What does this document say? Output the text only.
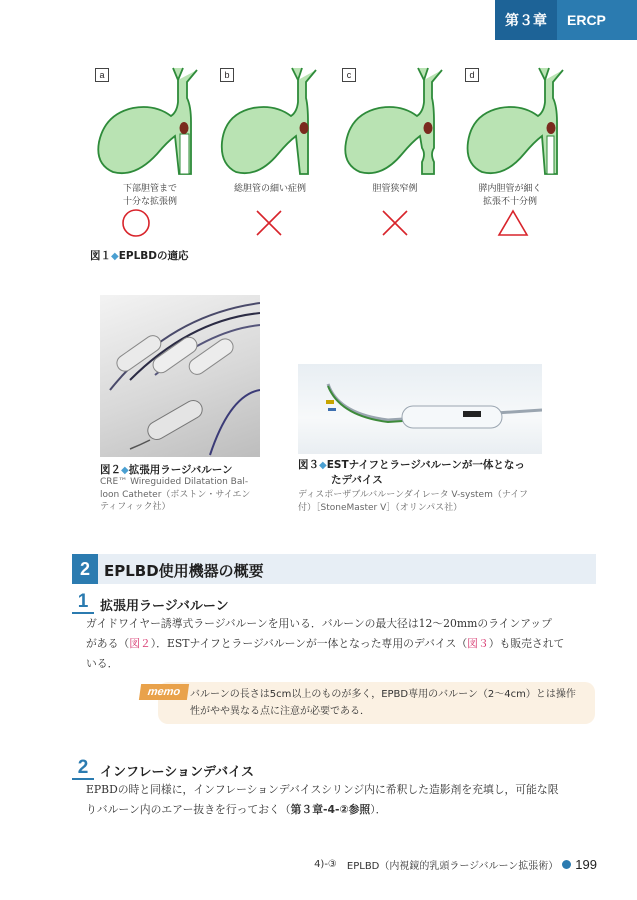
第３章	ERCP
a	b	c	d
下部胆管まで
十分な拡張例
総胆管の細い症例	胆管狭窄例	膵内胆管が細く
拡張不十分例
図１◆EPLBDの適応
図２◆拡張用ラージバルーン
CRE™ Wireguided Dilatation Bal-
loon Catheter（ボストン・サイエン
ティフィック社）
図３◆ESTナイフとラージバルーンが一体となっ
たデバイス
ディスポーザブルバルーンダイレータ V-system（ナイフ
付）［StoneMaster V］（オリンパス社）
2 EPLBD使用機器の概要
1 拡張用ラージバルーン
ガイドワイヤー誘導式ラージバルーンを用いる．バルーンの最大径は12～20mmのラインアップ
がある（図２）．ESTナイフとラージバルーンが一体となった専用のデバイス（図３）も販売されて
いる．
memo バルーンの長さは5cm以上のものが多く，EPBD専用のバルーン（2～4cm）とは操作
性がやや異なる点に注意が必要である．
2 インフレーションデバイス
EPBDの時と同様に，インフレーションデバイスシリンジ内に希釈した造影剤を充填し，可能な限
りバルーン内のエアー抜きを行っておく（第３章-4-②参照）．
4)-③ EPLBD（内視鏡的乳頭ラージバルーン拡張術） 199
